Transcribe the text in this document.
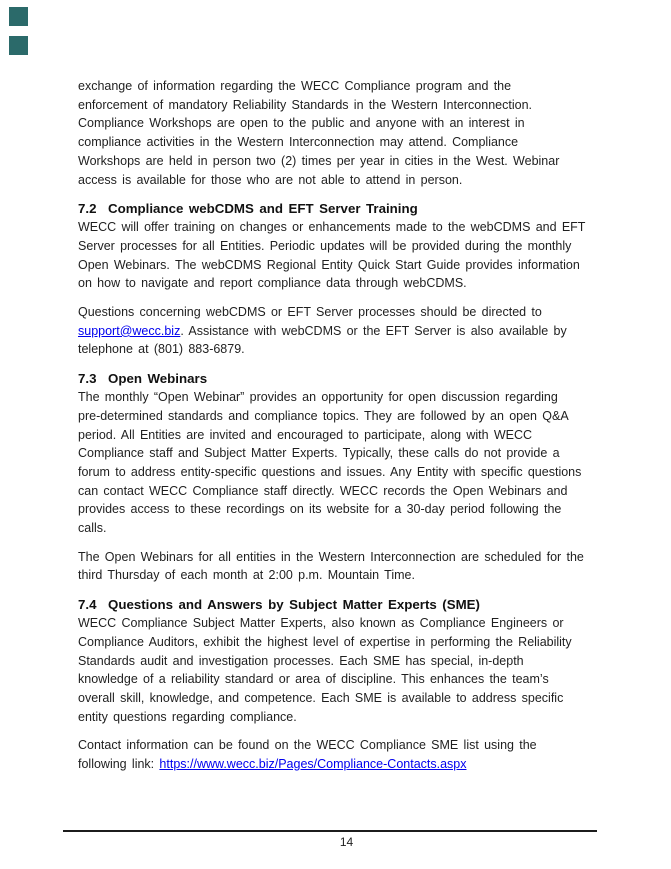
exchange of information regarding the WECC Compliance program and the
enforcement of mandatory Reliability Standards in the Western Interconnection.
Compliance Workshops are open to the public and anyone with an interest in
compliance activities in the Western Interconnection may attend. Compliance
Workshops are held in person two (2) times per year in cities in the West. Webinar
access is available for those who are not able to attend in person.
7.2 Compliance webCDMS and EFT Server Training
WECC will offer training on changes or enhancements made to the webCDMS and EFT
Server processes for all Entities. Periodic updates will be provided during the monthly
Open Webinars. The webCDMS Regional Entity Quick Start Guide provides information
on how to navigate and report compliance data through webCDMS.
Questions concerning webCDMS or EFT Server processes should be directed to
support@wecc.biz. Assistance with webCDMS or the EFT Server is also available by
telephone at (801) 883-6879.
7.3 Open Webinars
The monthly “Open Webinar” provides an opportunity for open discussion regarding
pre-determined standards and compliance topics. They are followed by an open Q&A
period. All Entities are invited and encouraged to participate, along with WECC
Compliance staff and Subject Matter Experts. Typically, these calls do not provide a
forum to address entity-specific questions and issues. Any Entity with specific questions
can contact WECC Compliance staff directly. WECC records the Open Webinars and
provides access to these recordings on its website for a 30-day period following the
calls.
The Open Webinars for all entities in the Western Interconnection are scheduled for the
third Thursday of each month at 2:00 p.m. Mountain Time.
7.4 Questions and Answers by Subject Matter Experts (SME)
WECC Compliance Subject Matter Experts, also known as Compliance Engineers or
Compliance Auditors, exhibit the highest level of expertise in performing the Reliability
Standards audit and investigation processes. Each SME has special, in-depth
knowledge of a reliability standard or area of discipline. This enhances the team’s
overall skill, knowledge, and competence. Each SME is available to address specific
entity questions regarding compliance.
Contact information can be found on the WECC Compliance SME list using the
following link: https://www.wecc.biz/Pages/Compliance-Contacts.aspx
14
